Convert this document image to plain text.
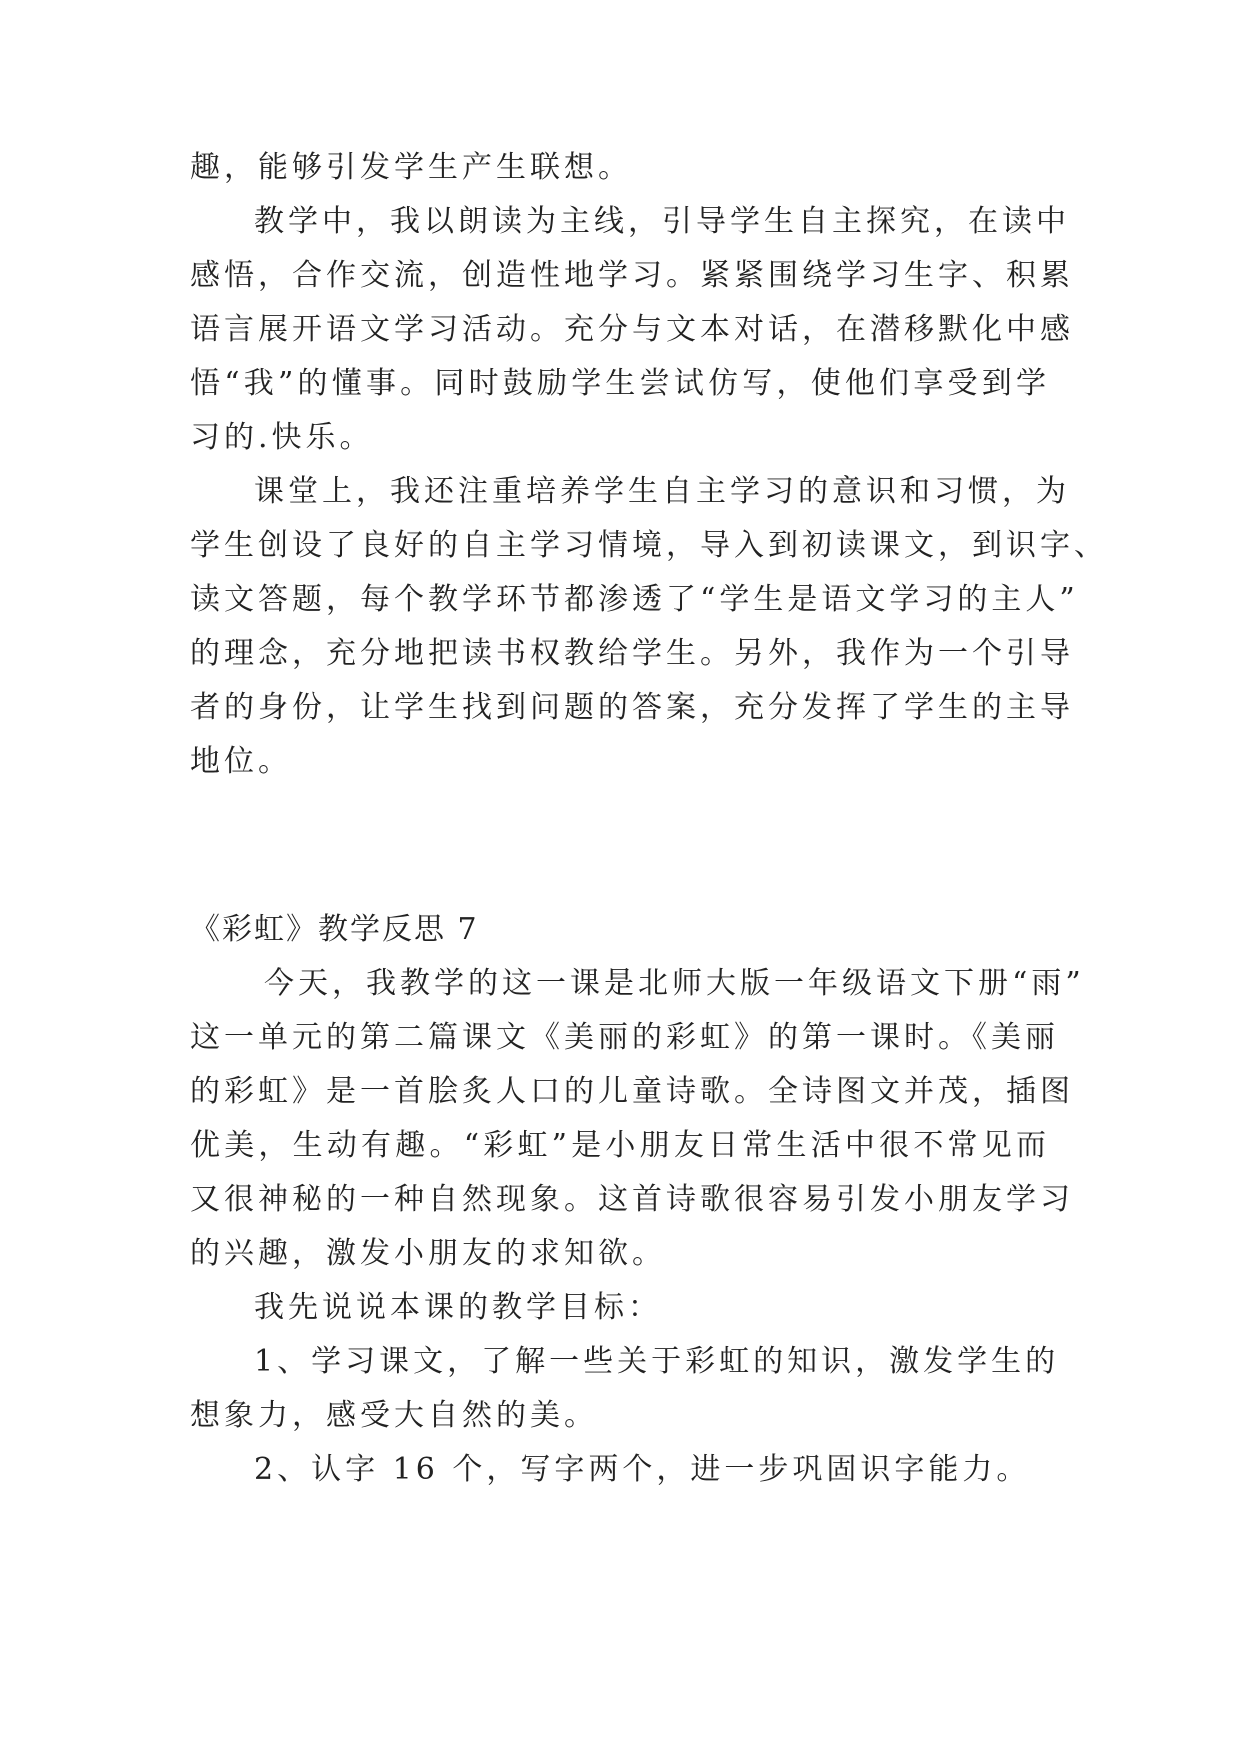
趣，能够引发学生产生联想。
教学中，我以朗读为主线，引导学生自主探究，在读中
感悟，合作交流，创造性地学习。紧紧围绕学习生字、积累
语言展开语文学习活动。充分与文本对话，在潜移默化中感
悟“我”的懂事。同时鼓励学生尝试仿写，使他们享受到学
习的.快乐。
课堂上，我还注重培养学生自主学习的意识和习惯，为
学生创设了良好的自主学习情境，导入到初读课文，到识字、
读文答题，每个教学环节都渗透了“学生是语文学习的主人”
的理念，充分地把读书权教给学生。另外，我作为一个引导
者的身份，让学生找到问题的答案，充分发挥了学生的主导
地位。
《彩虹》教学反思 7
今天，我教学的这一课是北师大版一年级语文下册“雨”
这一单元的第二篇课文《美丽的彩虹》的第一课时。《美丽
的彩虹》是一首脍炙人口的儿童诗歌。全诗图文并茂，插图
优美，生动有趣。“彩虹”是小朋友日常生活中很不常见而
又很神秘的一种自然现象。这首诗歌很容易引发小朋友学习
的兴趣，激发小朋友的求知欲。
我先说说本课的教学目标：
1、学习课文，了解一些关于彩虹的知识，激发学生的
想象力，感受大自然的美。
2、认字 16 个，写字两个，进一步巩固识字能力。
